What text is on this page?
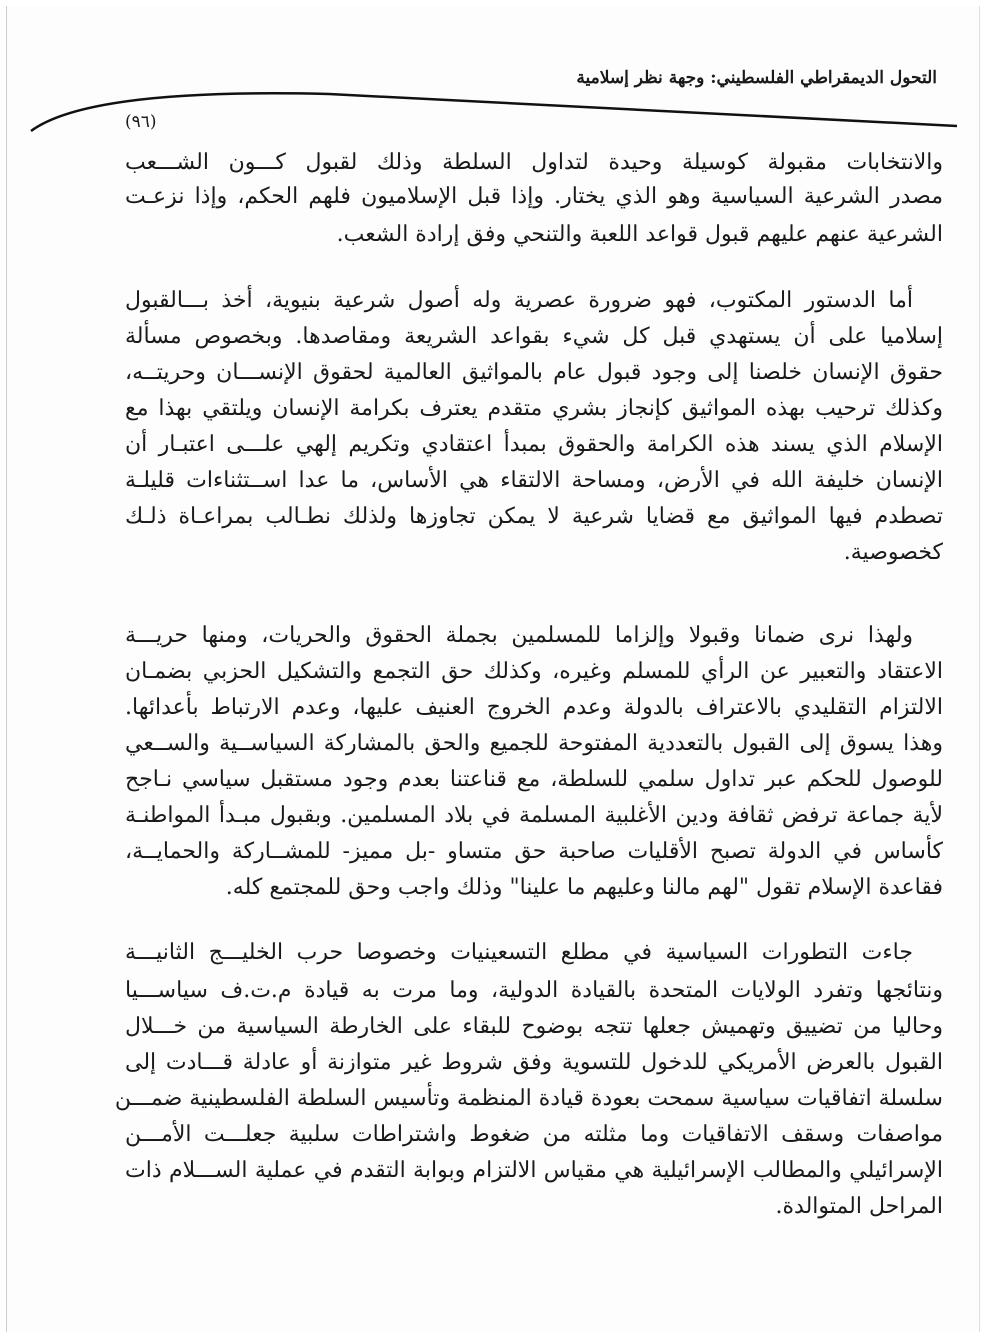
التحول الديمقراطي الفلسطيني: وجهة نظر إسلامية
(٩٦)
والانتخابات مقبولة كوسيلة وحيدة لتداول السلطة وذلك لقبول كـــون الشـــعب
مصدر الشرعية السياسية وهو الذي يختار. وإذا قبل الإسلاميون فلهم الحكم، وإذا نزعـت
الشرعية عنهم عليهم قبول قواعد اللعبة والتنحي وفق إرادة الشعب.
أما الدستور المكتوب، فهو ضرورة عصرية وله أصول شرعية بنيوية، أخذ بـــالقبول
إسلاميا على أن يستهدي قبل كل شيء بقواعد الشريعة ومقاصدها. وبخصوص مسألة
حقوق الإنسان خلصنا إلى وجود قبول عام بالمواثيق العالمية لحقوق الإنســـان وحريتــه،
وكذلك ترحيب بهذه المواثيق كإنجاز بشري متقدم يعترف بكرامة الإنسان ويلتقي بهذا مع
الإسلام الذي يسند هذه الكرامة والحقوق بمبدأ اعتقادي وتكريم إلهي علـــى اعتبـار أن
الإنسان خليفة الله في الأرض، ومساحة الالتقاء هي الأساس، ما عدا اســتثناءات قليلـة
تصطدم فيها المواثيق مع قضايا شرعية لا يمكن تجاوزها ولذلك نطـالب بمراعـاة ذلـك
كخصوصية.
ولهذا نرى ضمانا وقبولا وإلزاما للمسلمين بجملة الحقوق والحريات، ومنها حريـــة
الاعتقاد والتعبير عن الرأي للمسلم وغيره، وكذلك حق التجمع والتشكيل الحزبي بضمـان
الالتزام التقليدي بالاعتراف بالدولة وعدم الخروج العنيف عليها، وعدم الارتباط بأعدائها.
وهذا يسوق إلى القبول بالتعددية المفتوحة للجميع والحق بالمشاركة السياســية والســعي
للوصول للحكم عبر تداول سلمي للسلطة، مع قناعتنا بعدم وجود مستقبل سياسي نـاجح
لأية جماعة ترفض ثقافة ودين الأغلبية المسلمة في بلاد المسلمين. وبقبول مبـدأ المواطنـة
كأساس في الدولة تصبح الأقليات صاحبة حق متساو -بل مميز- للمشــاركة والحمايــة،
فقاعدة الإسلام تقول "لهم مالنا وعليهم ما علينا" وذلك واجب وحق للمجتمع كله.
جاءت التطورات السياسية في مطلع التسعينيات وخصوصا حرب الخليـــج الثانيـــة
ونتائجها وتفرد الولايات المتحدة بالقيادة الدولية، وما مرت به قيادة م.ت.ف سياســـيا
وحاليا من تضييق وتهميش جعلها تتجه بوضوح للبقاء على الخارطة السياسية من خـــلال
القبول بالعرض الأمريكي للدخول للتسوية وفق شروط غير متوازنة أو عادلة قـــادت إلى
سلسلة اتفاقيات سياسية سمحت بعودة قيادة المنظمة وتأسيس السلطة الفلسطينية ضمـــن
مواصفات وسقف الاتفاقيات وما مثلته من ضغوط واشتراطات سلبية جعلـــت الأمـــن
الإسرائيلي والمطالب الإسرائيلية هي مقياس الالتزام وبوابة التقدم في عملية الســـلام ذات
المراحل المتوالدة.
